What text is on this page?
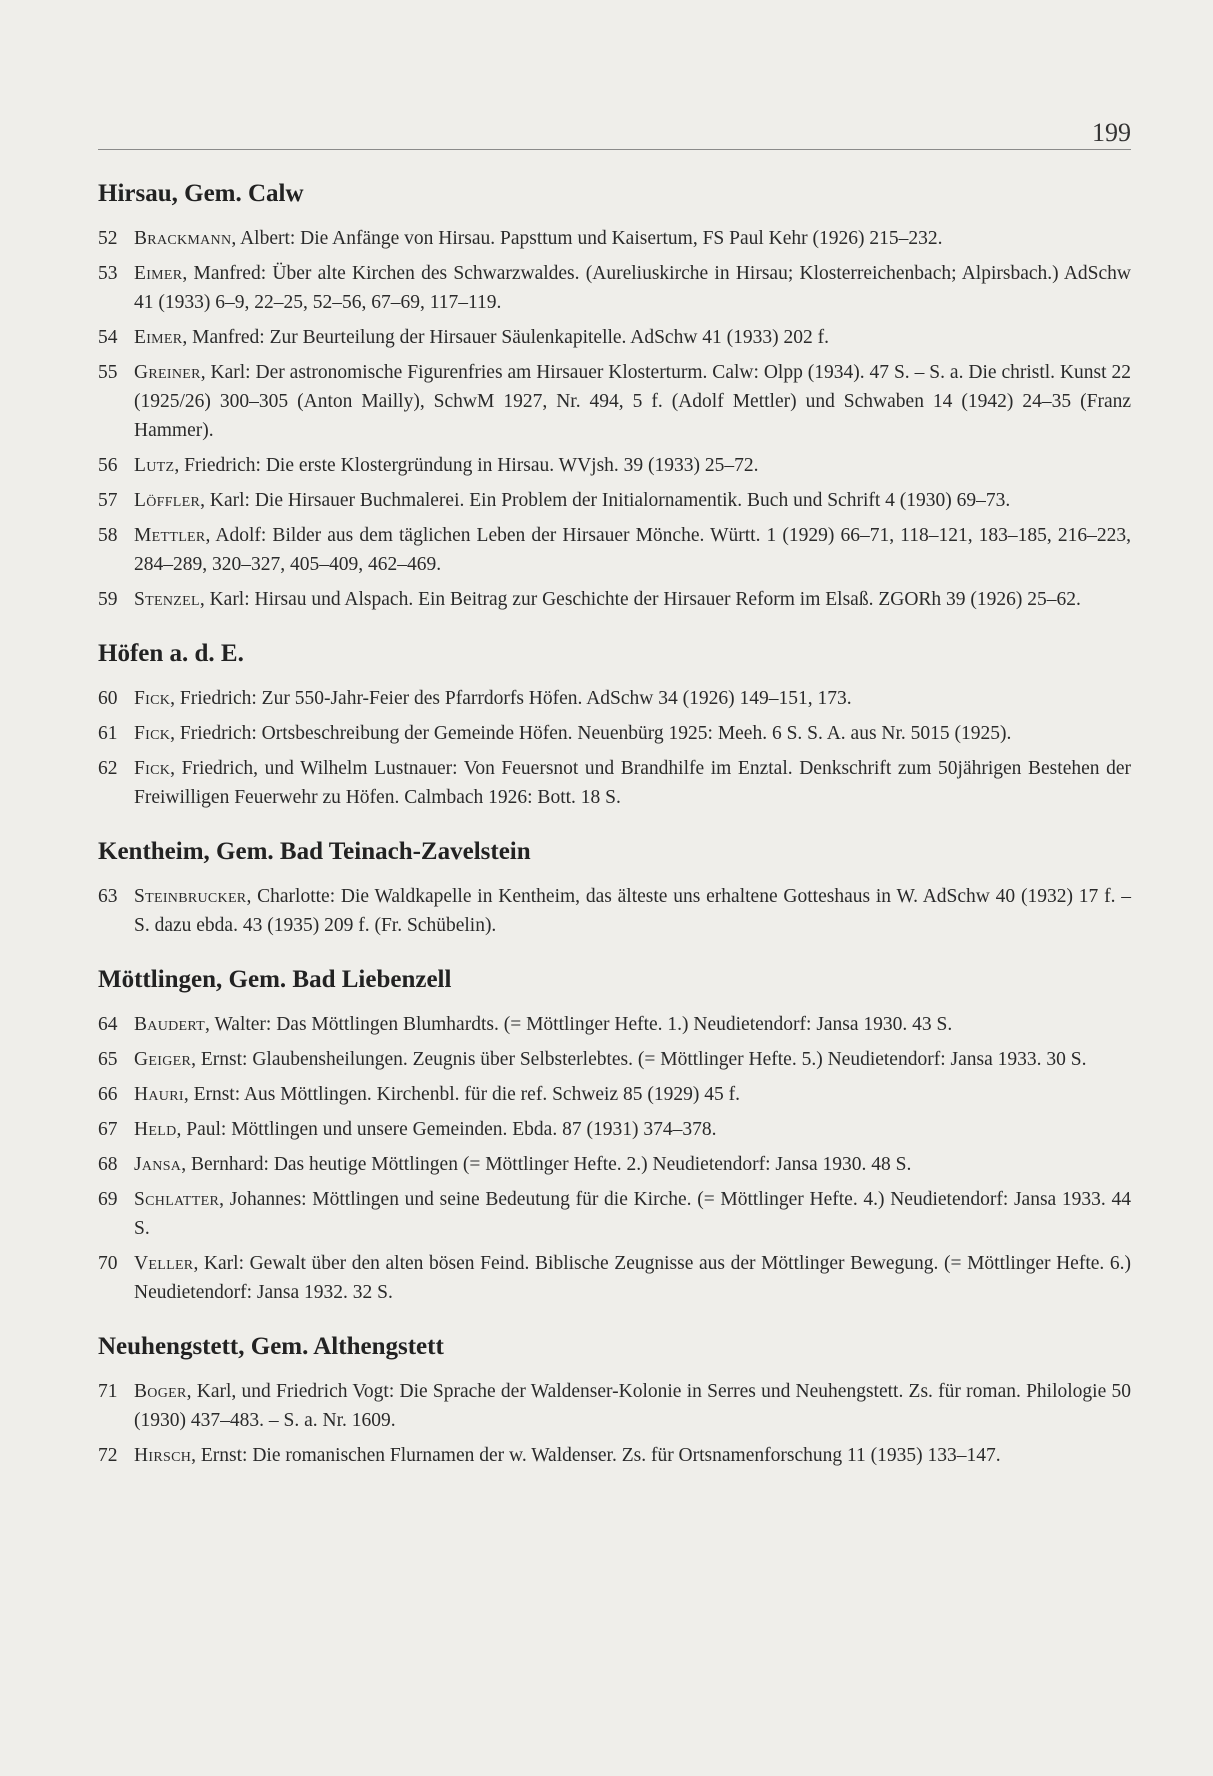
199
Hirsau, Gem. Calw
52 Brackmann, Albert: Die Anfänge von Hirsau. Papsttum und Kaisertum, FS Paul Kehr (1926) 215–232.
53 Eimer, Manfred: Über alte Kirchen des Schwarzwaldes. (Aureliuskirche in Hirsau; Klosterreichenbach; Alpirsbach.) AdSchw 41 (1933) 6–9, 22–25, 52–56, 67–69, 117–119.
54 Eimer, Manfred: Zur Beurteilung der Hirsauer Säulenkapitelle. AdSchw 41 (1933) 202 f.
55 Greiner, Karl: Der astronomische Figurenfries am Hirsauer Klosterturm. Calw: Olpp (1934). 47 S. – S. a. Die christl. Kunst 22 (1925/26) 300–305 (Anton Mailly), SchwM 1927, Nr. 494, 5 f. (Adolf Mettler) und Schwaben 14 (1942) 24–35 (Franz Hammer).
56 Lutz, Friedrich: Die erste Klostergründung in Hirsau. WVjsh. 39 (1933) 25–72.
57 Löffler, Karl: Die Hirsauer Buchmalerei. Ein Problem der Initialornamentik. Buch und Schrift 4 (1930) 69–73.
58 Mettler, Adolf: Bilder aus dem täglichen Leben der Hirsauer Mönche. Württ. 1 (1929) 66–71, 118–121, 183–185, 216–223, 284–289, 320–327, 405–409, 462–469.
59 Stenzel, Karl: Hirsau und Alspach. Ein Beitrag zur Geschichte der Hirsauer Reform im Elsaß. ZGORh 39 (1926) 25–62.
Höfen a. d. E.
60 Fick, Friedrich: Zur 550-Jahr-Feier des Pfarrdorfs Höfen. AdSchw 34 (1926) 149–151, 173.
61 Fick, Friedrich: Ortsbeschreibung der Gemeinde Höfen. Neuenbürg 1925: Meeh. 6 S. S. A. aus Nr. 5015 (1925).
62 Fick, Friedrich, und Wilhelm Lustnauer: Von Feuersnot und Brandhilfe im Enztal. Denkschrift zum 50jährigen Bestehen der Freiwilligen Feuerwehr zu Höfen. Calmbach 1926: Bott. 18 S.
Kentheim, Gem. Bad Teinach-Zavelstein
63 Steinbrucker, Charlotte: Die Waldkapelle in Kentheim, das älteste uns erhaltene Gotteshaus in W. AdSchw 40 (1932) 17 f. – S. dazu ebda. 43 (1935) 209 f. (Fr. Schübelin).
Möttlingen, Gem. Bad Liebenzell
64 Baudert, Walter: Das Möttlingen Blumhardts. (= Möttlinger Hefte. 1.) Neudietendorf: Jansa 1930. 43 S.
65 Geiger, Ernst: Glaubensheilungen. Zeugnis über Selbsterlebtes. (= Möttlinger Hefte. 5.) Neudietendorf: Jansa 1933. 30 S.
66 Hauri, Ernst: Aus Möttlingen. Kirchenbl. für die ref. Schweiz 85 (1929) 45 f.
67 Held, Paul: Möttlingen und unsere Gemeinden. Ebda. 87 (1931) 374–378.
68 Jansa, Bernhard: Das heutige Möttlingen (= Möttlinger Hefte. 2.) Neudietendorf: Jansa 1930. 48 S.
69 Schlatter, Johannes: Möttlingen und seine Bedeutung für die Kirche. (= Möttlinger Hefte. 4.) Neudietendorf: Jansa 1933. 44 S.
70 Veller, Karl: Gewalt über den alten bösen Feind. Biblische Zeugnisse aus der Möttlinger Bewegung. (= Möttlinger Hefte. 6.) Neudietendorf: Jansa 1932. 32 S.
Neuhengstett, Gem. Althengstett
71 Boger, Karl, und Friedrich Vogt: Die Sprache der Waldenser-Kolonie in Serres und Neuhengstett. Zs. für roman. Philologie 50 (1930) 437–483. – S. a. Nr. 1609.
72 Hirsch, Ernst: Die romanischen Flurnamen der w. Waldenser. Zs. für Ortsnamenforschung 11 (1935) 133–147.
